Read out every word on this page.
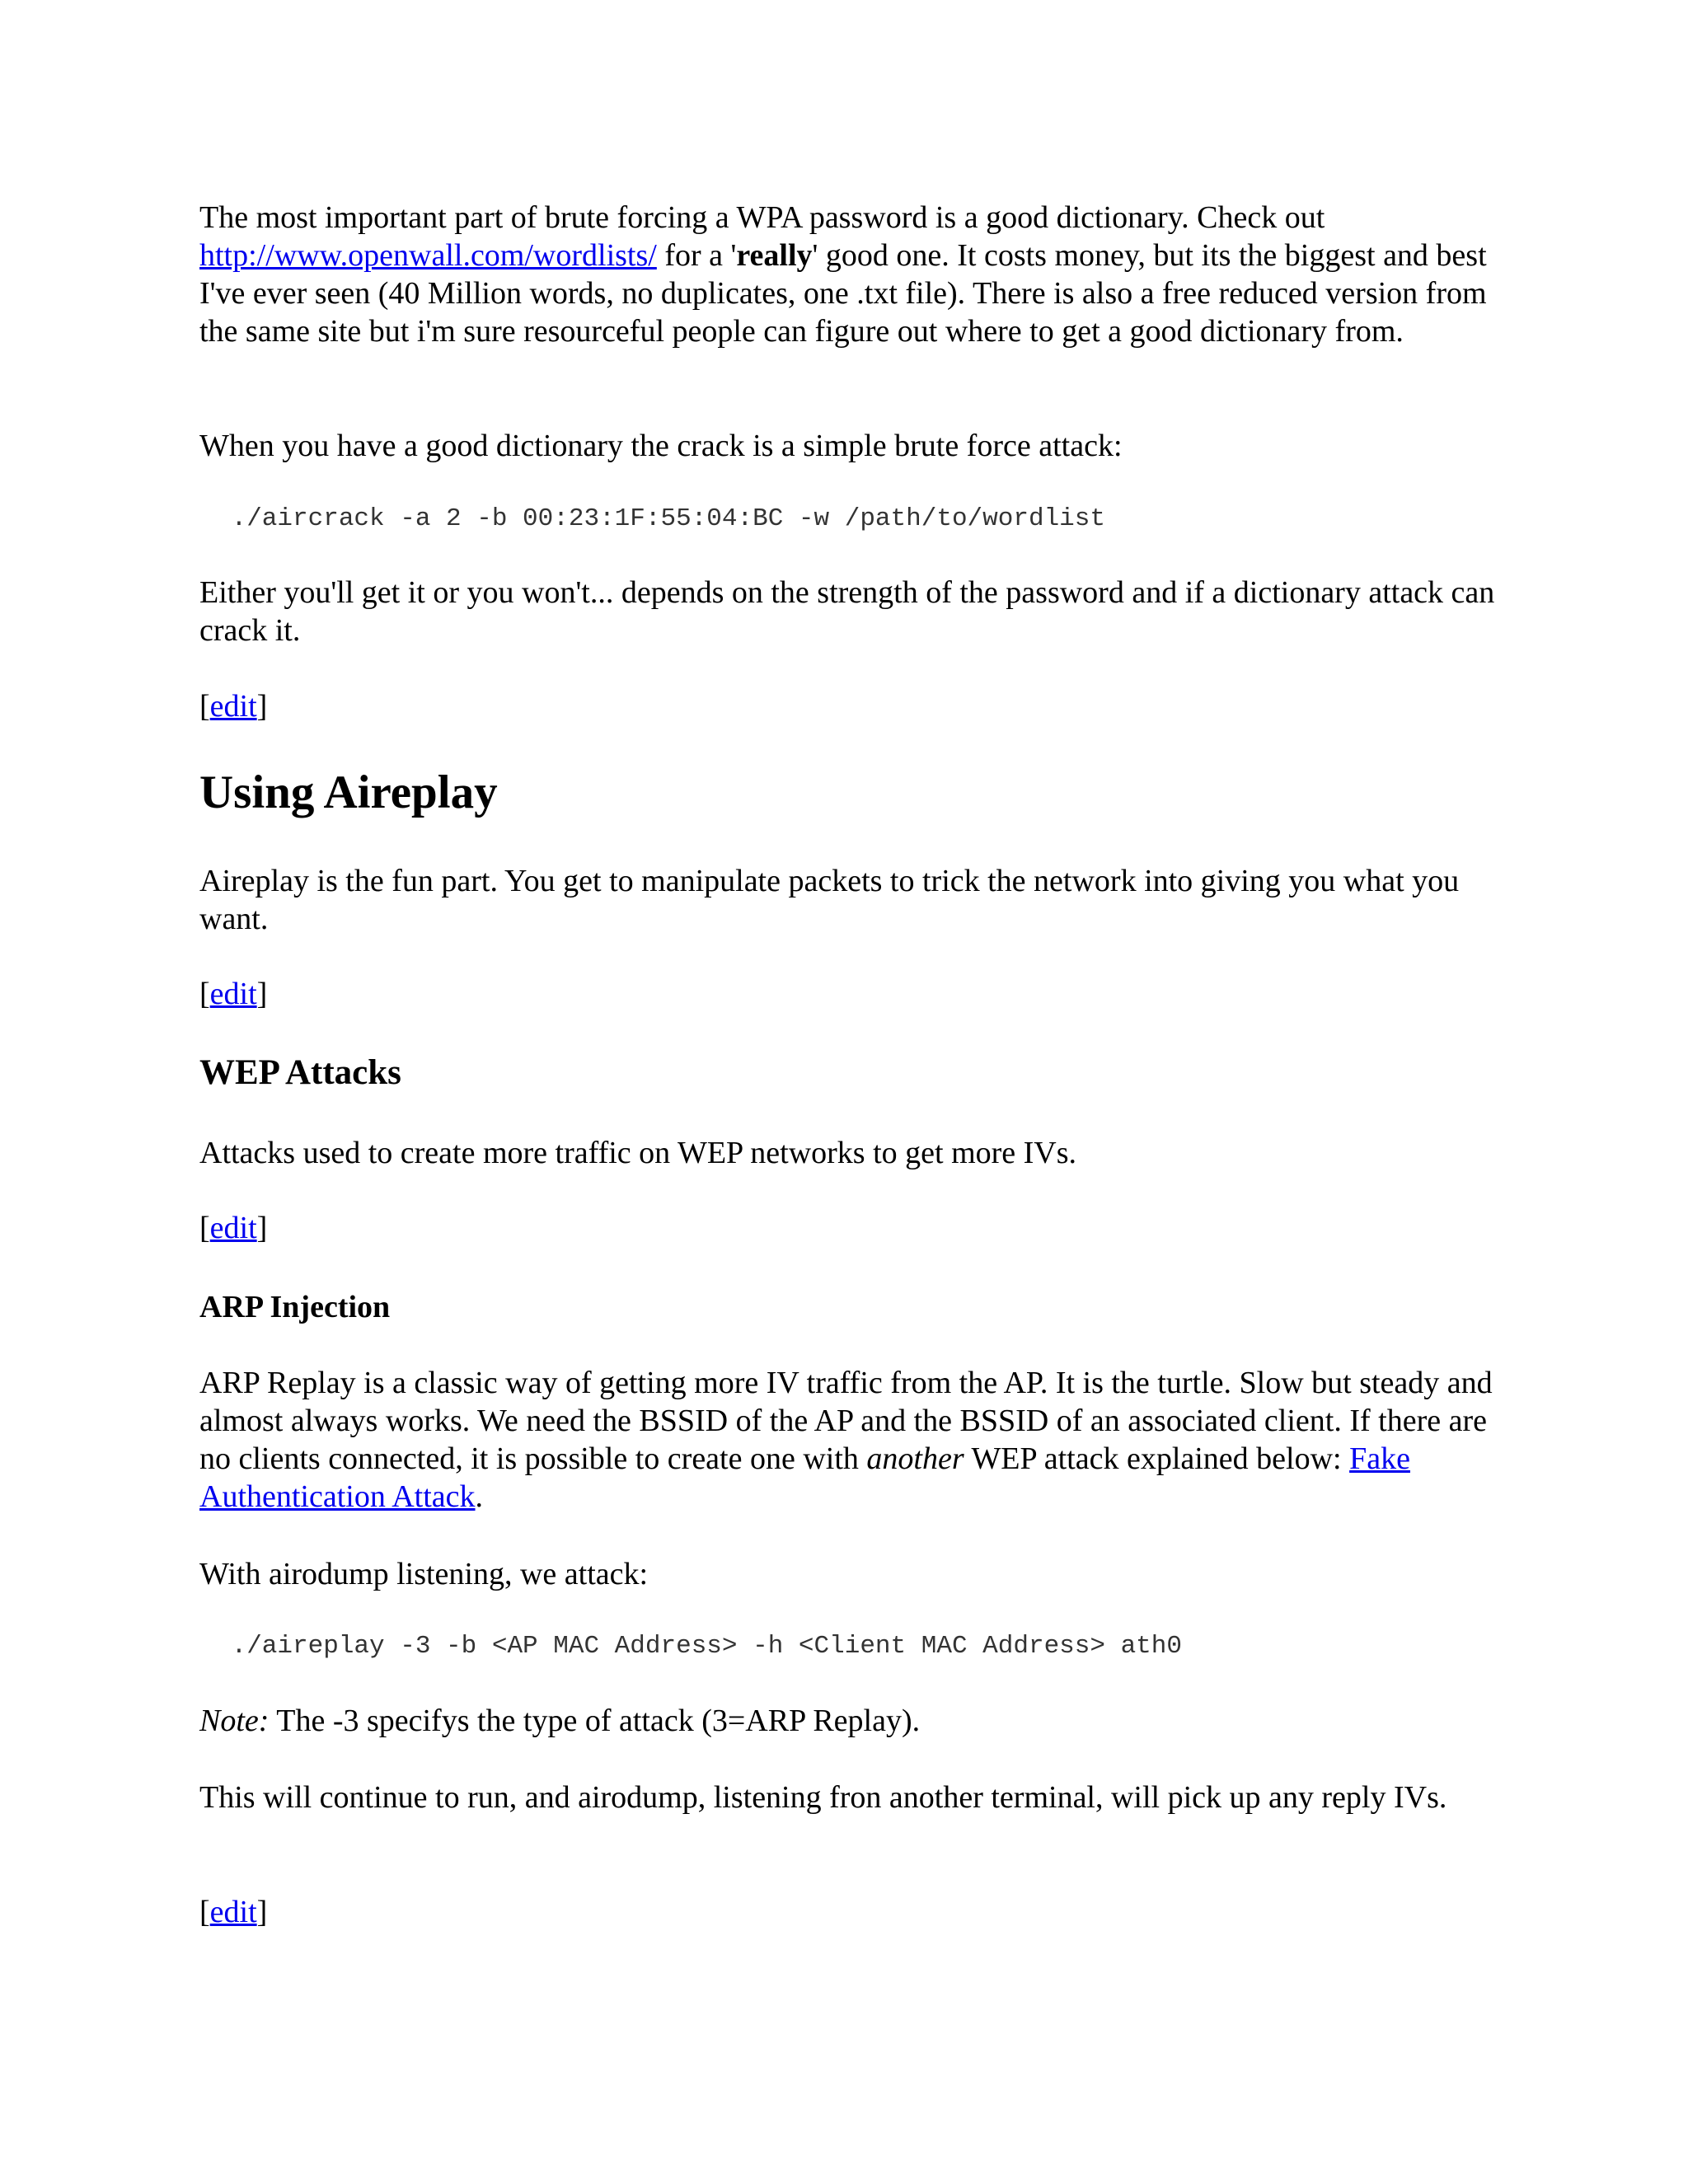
The most important part of brute forcing a WPA password is a good dictionary. Check out http://www.openwall.com/wordlists/ for a 'really' good one. It costs money, but its the biggest and best I've ever seen (40 Million words, no duplicates, one .txt file). There is also a free reduced version from the same site but i'm sure resourceful people can figure out where to get a good dictionary from.

When you have a good dictionary the crack is a simple brute force attack:

./aircrack -a 2 -b 00:23:1F:55:04:BC -w /path/to/wordlist

Either you'll get it or you won't... depends on the strength of the password and if a dictionary attack can crack it.

[edit]

Using Aireplay

Aireplay is the fun part. You get to manipulate packets to trick the network into giving you what you want.

[edit]

WEP Attacks

Attacks used to create more traffic on WEP networks to get more IVs.

[edit]

ARP Injection

ARP Replay is a classic way of getting more IV traffic from the AP. It is the turtle. Slow but steady and almost always works. We need the BSSID of the AP and the BSSID of an associated client. If there are no clients connected, it is possible to create one with another WEP attack explained below: Fake Authentication Attack.

With airodump listening, we attack:

./aireplay -3 -b <AP MAC Address> -h <Client MAC Address> ath0

Note: The -3 specifys the type of attack (3=ARP Replay).

This will continue to run, and airodump, listening fron another terminal, will pick up any reply IVs.

[edit]
